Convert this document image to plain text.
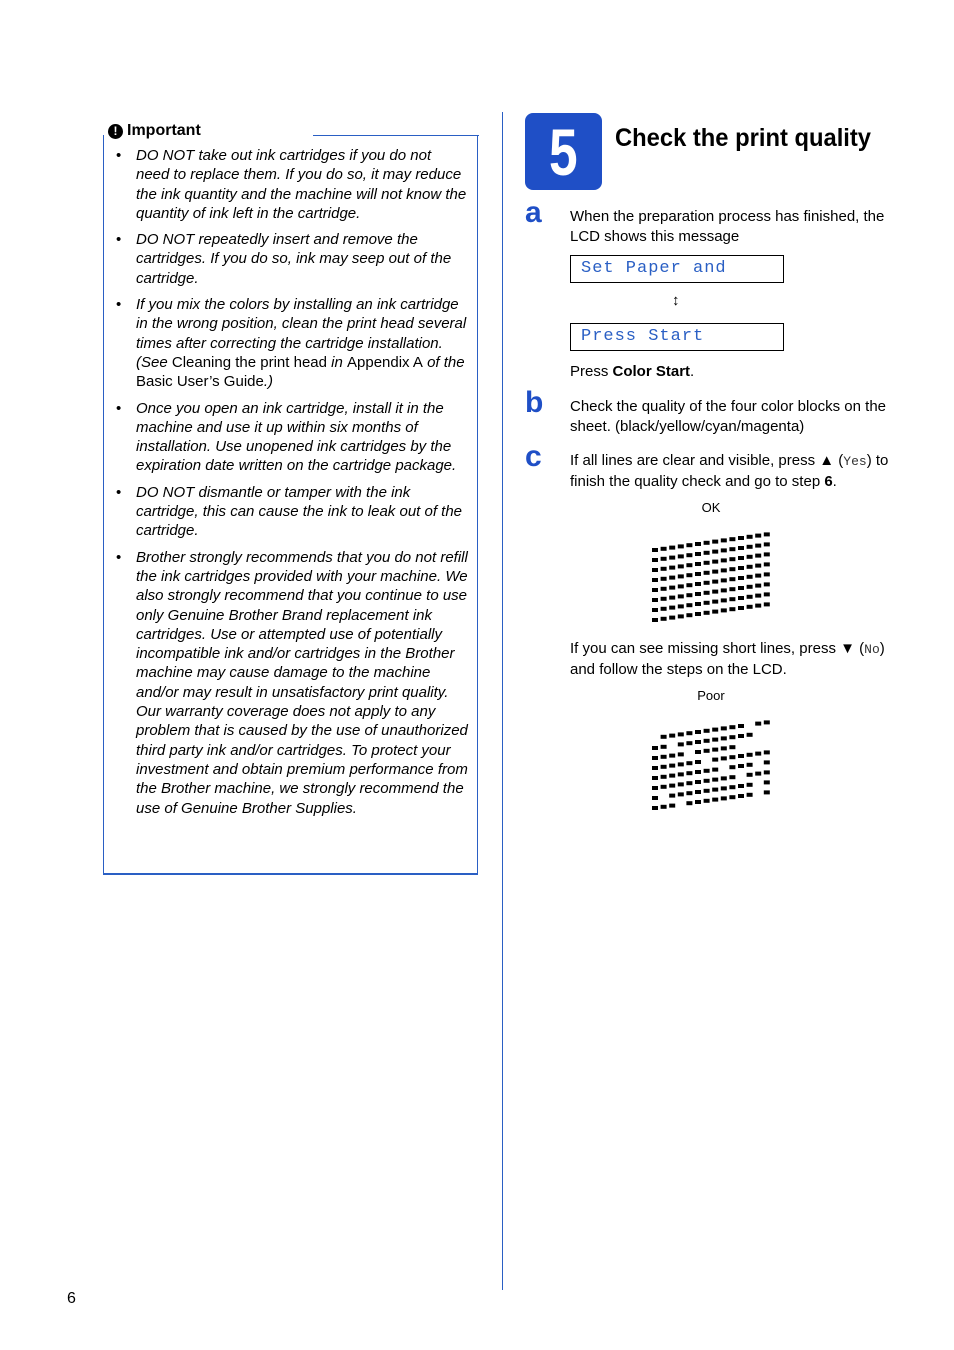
! Important
• DO NOT take out ink cartridges if you do not need to replace them. If you do so, it may reduce the ink quantity and the machine will not know the quantity of ink left in the cartridge.
• DO NOT repeatedly insert and remove the cartridges. If you do so, ink may seep out of the cartridge.
• If you mix the colors by installing an ink cartridge in the wrong position, clean the print head several times after correcting the cartridge installation. (See Cleaning the print head in Appendix A of the Basic User’s Guide.)
• Once you open an ink cartridge, install it in the machine and use it up within six months of installation. Use unopened ink cartridges by the expiration date written on the cartridge package.
• DO NOT dismantle or tamper with the ink cartridge, this can cause the ink to leak out of the cartridge.
• Brother strongly recommends that you do not refill the ink cartridges provided with your machine. We also strongly recommend that you continue to use only Genuine Brother Brand replacement ink cartridges. Use or attempted use of potentially incompatible ink and/or cartridges in the Brother machine may cause damage to the machine and/or may result in unsatisfactory print quality. Our warranty coverage does not apply to any problem that is caused by the use of unauthorized third party ink and/or cartridges. To protect your investment and obtain premium performance from the Brother machine, we strongly recommend the use of Genuine Brother Supplies.
5 Check the print quality
a When the preparation process has finished, the LCD shows this message
Set Paper and
↕
Press Start
Press Color Start.
b Check the quality of the four color blocks on the sheet. (black/yellow/cyan/magenta)
c If all lines are clear and visible, press ▲ (Yes) to finish the quality check and go to step 6.
OK
If you can see missing short lines, press ▼ (No) and follow the steps on the LCD.
Poor
6
